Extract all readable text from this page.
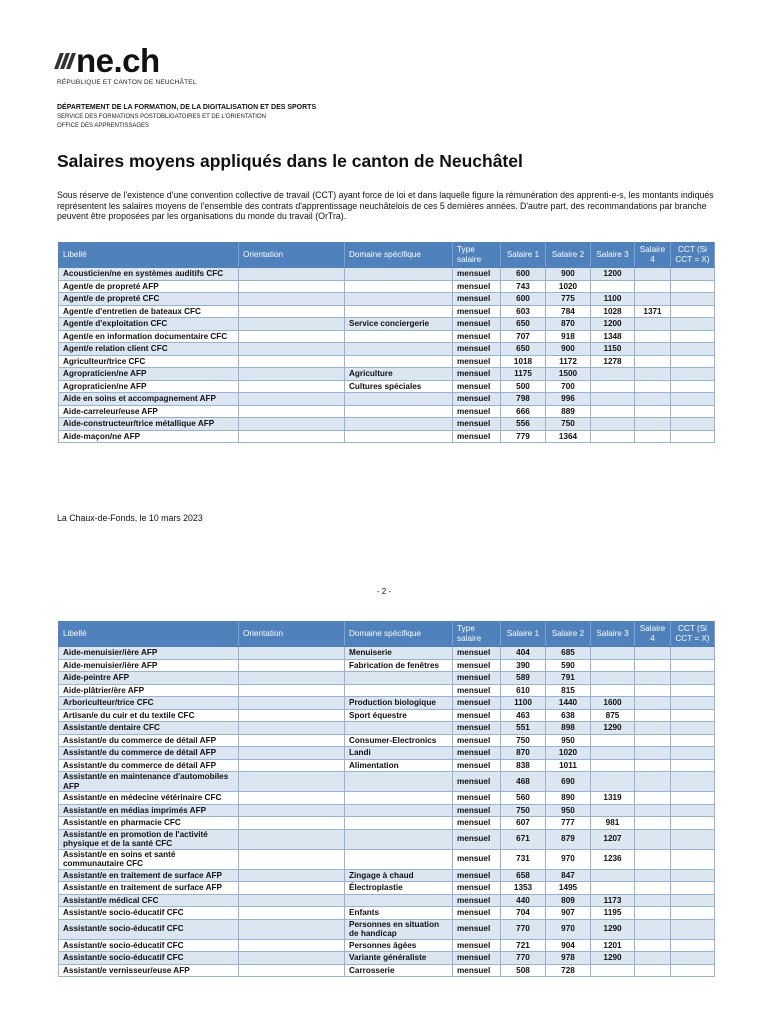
ne.ch
RÉPUBLIQUE ET CANTON DE NEUCHÂTEL
DÉPARTEMENT DE LA FORMATION, DE LA DIGITALISATION ET DES SPORTS
SERVICE DES FORMATIONS POSTOBLIGATOIRES ET DE L'ORIENTATION
OFFICE DES APPRENTISSAGES
Salaires moyens appliqués dans le canton de Neuchâtel
Sous réserve de l'existence d'une convention collective de travail (CCT) ayant force de loi et dans laquelle figure la rémunération des apprenti-e-s, les montants indiqués représentent les salaires moyens de l'ensemble des contrats d'apprentissage neuchâtelois de ces 5 dernières années. D'autre part, des recommandations par branche peuvent être proposées par les organisations du monde du travail (OrTra).
Libellé	Orientation	Domaine spécifique	Type salaire	Salaire 1	Salaire 2	Salaire 3	Salaire 4	CCT (Si CCT = X)
Acousticien/ne en systèmes auditifs CFC			mensuel	600	900	1200		
Agent/e de propreté AFP			mensuel	743	1020			
Agent/e de propreté CFC			mensuel	600	775	1100		
Agent/e d'entretien de bateaux CFC			mensuel	603	784	1028	1371	
Agent/e d'exploitation CFC		Service conciergerie	mensuel	650	870	1200		
Agent/e en information documentaire CFC			mensuel	707	918	1348		
Agent/e relation client CFC			mensuel	650	900	1150		
Agriculteur/trice CFC			mensuel	1018	1172	1278		
Agropraticien/ne AFP		Agriculture	mensuel	1175	1500			
Agropraticien/ne AFP		Cultures spéciales	mensuel	500	700			
Aide en soins et accompagnement AFP			mensuel	798	996			
Aide-carreleur/euse AFP			mensuel	666	889			
Aide-constructeur/trice métallique AFP			mensuel	556	750			
Aide-maçon/ne AFP			mensuel	779	1364			
La Chaux-de-Fonds, le 10 mars 2023
- 2 -
Libellé	Orientation	Domaine spécifique	Type salaire	Salaire 1	Salaire 2	Salaire 3	Salaire 4	CCT (Si CCT = X)
Aide-menuisier/ière AFP		Menuiserie	mensuel	404	685			
Aide-menuisier/ière AFP		Fabrication de fenêtres	mensuel	390	590			
Aide-peintre AFP			mensuel	589	791			
Aide-plâtrier/ère AFP			mensuel	610	815			
Arboriculteur/trice CFC		Production biologique	mensuel	1100	1440	1600		
Artisan/e du cuir et du textile CFC		Sport équestre	mensuel	463	638	875		
Assistant/e dentaire CFC			mensuel	551	898	1290		
Assistant/e du commerce de détail AFP		Consumer-Electronics	mensuel	750	950			
Assistant/e du commerce de détail AFP		Landi	mensuel	870	1020			
Assistant/e du commerce de détail AFP		Alimentation	mensuel	838	1011			
Assistant/e en maintenance d'automobiles AFP			mensuel	468	690			
Assistant/e en médecine vétérinaire CFC			mensuel	560	890	1319		
Assistant/e en médias imprimés AFP			mensuel	750	950			
Assistant/e en pharmacie CFC			mensuel	607	777	981		
Assistant/e en promotion de l'activité physique et de la santé CFC			mensuel	671	879	1207		
Assistant/e en soins et santé communautaire CFC			mensuel	731	970	1236		
Assistant/e en traitement de surface AFP		Zingage à chaud	mensuel	658	847			
Assistant/e en traitement de surface AFP		Électroplastie	mensuel	1353	1495			
Assistant/e médical CFC			mensuel	440	809	1173		
Assistant/e socio-éducatif CFC		Enfants	mensuel	704	907	1195		
Assistant/e socio-éducatif CFC		Personnes en situation de handicap	mensuel	770	970	1290		
Assistant/e socio-éducatif CFC		Personnes âgées	mensuel	721	904	1201		
Assistant/e socio-éducatif CFC		Variante généraliste	mensuel	770	978	1290		
Assistant/e vernisseur/euse AFP		Carrosserie	mensuel	508	728			
